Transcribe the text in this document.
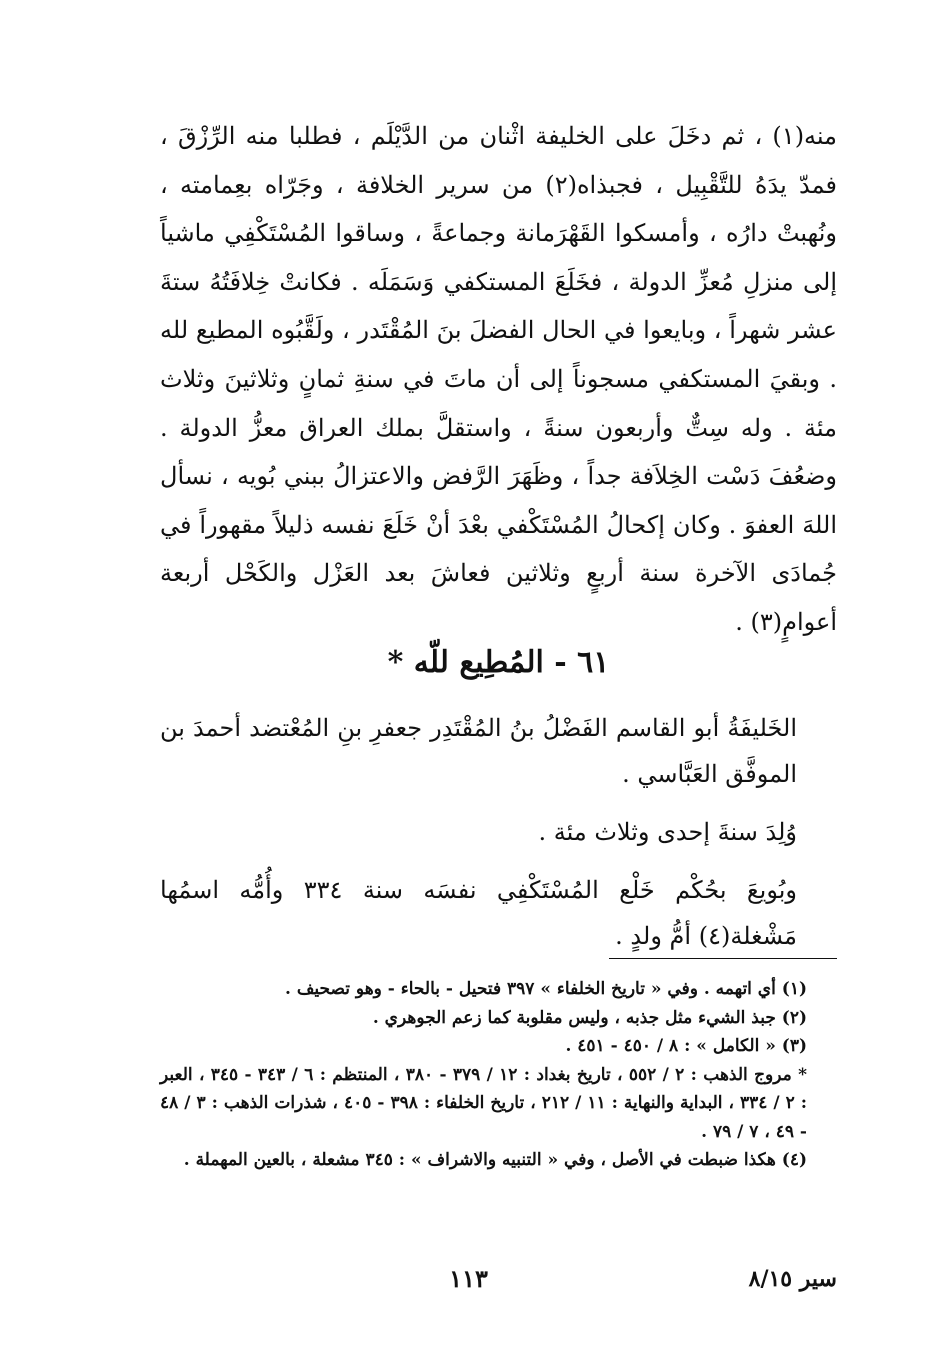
منه(١) ، ثم دخَلَ على الخليفة اثْنان من الدَّيْلَم ، فطلبا منه الرِّزْقَ ، فمدّ يدَهُ للتَّقْبِيل ، فجبذاه(٢) من سرير الخلافة ، وجَرّاه بعِمامته ، ونُهبتْ دارُه ، وأمسكوا القَهْرَمانة وجماعةً ، وساقوا المُسْتَكْفِي ماشياً إلى منزلِ مُعزِّ الدولة ، فخَلَعَ المستكفي وَسَمَلَه . فكانتْ خِلافَتُهُ ستةَ عشر شهراً ، وبايعوا في الحال الفضلَ بنَ المُقْتَدر ، ولَقَّبُوه المطيع لله . وبقيَ المستكفي مسجوناً إلى أن ماتَ في سنةِ ثمانٍ وثلاثينَ وثلاث مئة . وله سِتٌّ وأربعون سنةً ، واستقلَّ بملك العراق معزُّ الدولة . وضعُفَ دَسْت الخِلاَفة جداً ، وظَهَرَ الرَّفض والاعتزالُ ببني بُويه ، نسأل اللهَ العفوَ . وكان إكحالُ المُسْتَكْفي بعْدَ أنْ خَلَعَ نفسه ذليلاً مقهوراً في جُمادَى الآخرة سنة أربعٍ وثلاثين فعاشَ بعد العَزْل والكَحْل أربعة أعوامٍ(٣) .

٦١ - المُطِيع للّه *

الخَليفَةُ أبو القاسم الفَضْلُ بنُ المُقْتَدِر جعفرِ بنِ المُعْتضد أحمدَ بن الموفَّق العَبَّاسي .

وُلِدَ سنةَ إحدى وثلاث مئة .

وبُويعَ بحُكْم خَلْع المُسْتَكْفِي نفسَه سنة ٣٣٤ وأُمُّه اسمُها مَشْغلة(٤) أمُّ ولدٍ .

(١) أي اتهمه . وفي « تاريخ الخلفاء » ٣٩٧ فتحيل - بالحاء - وهو تصحيف .

(٢) جبذ الشيء مثل جذبه ، وليس مقلوبة كما زعم الجوهري .

(٣) « الكامل » : ٨ / ٤٥٠ - ٤٥١ .

* مروج الذهب : ٢ / ٥٥٢ ، تاريخ بغداد : ١٢ / ٣٧٩ - ٣٨٠ ، المنتظم : ٦ / ٣٤٣ - ٣٤٥ ، العبر : ٢ / ٣٣٤ ، البداية والنهاية : ١١ / ٢١٢ ، تاريخ الخلفاء : ٣٩٨ - ٤٠٥ ، شذرات الذهب : ٣ / ٤٨ - ٤٩ ، ٧ / ٧٩ .

(٤) هكذا ضبطت في الأصل ، وفي « التنبيه والاشراف » : ٣٤٥ مشعلة ، بالعين المهملة .

سير ٨/١٥
١١٣
